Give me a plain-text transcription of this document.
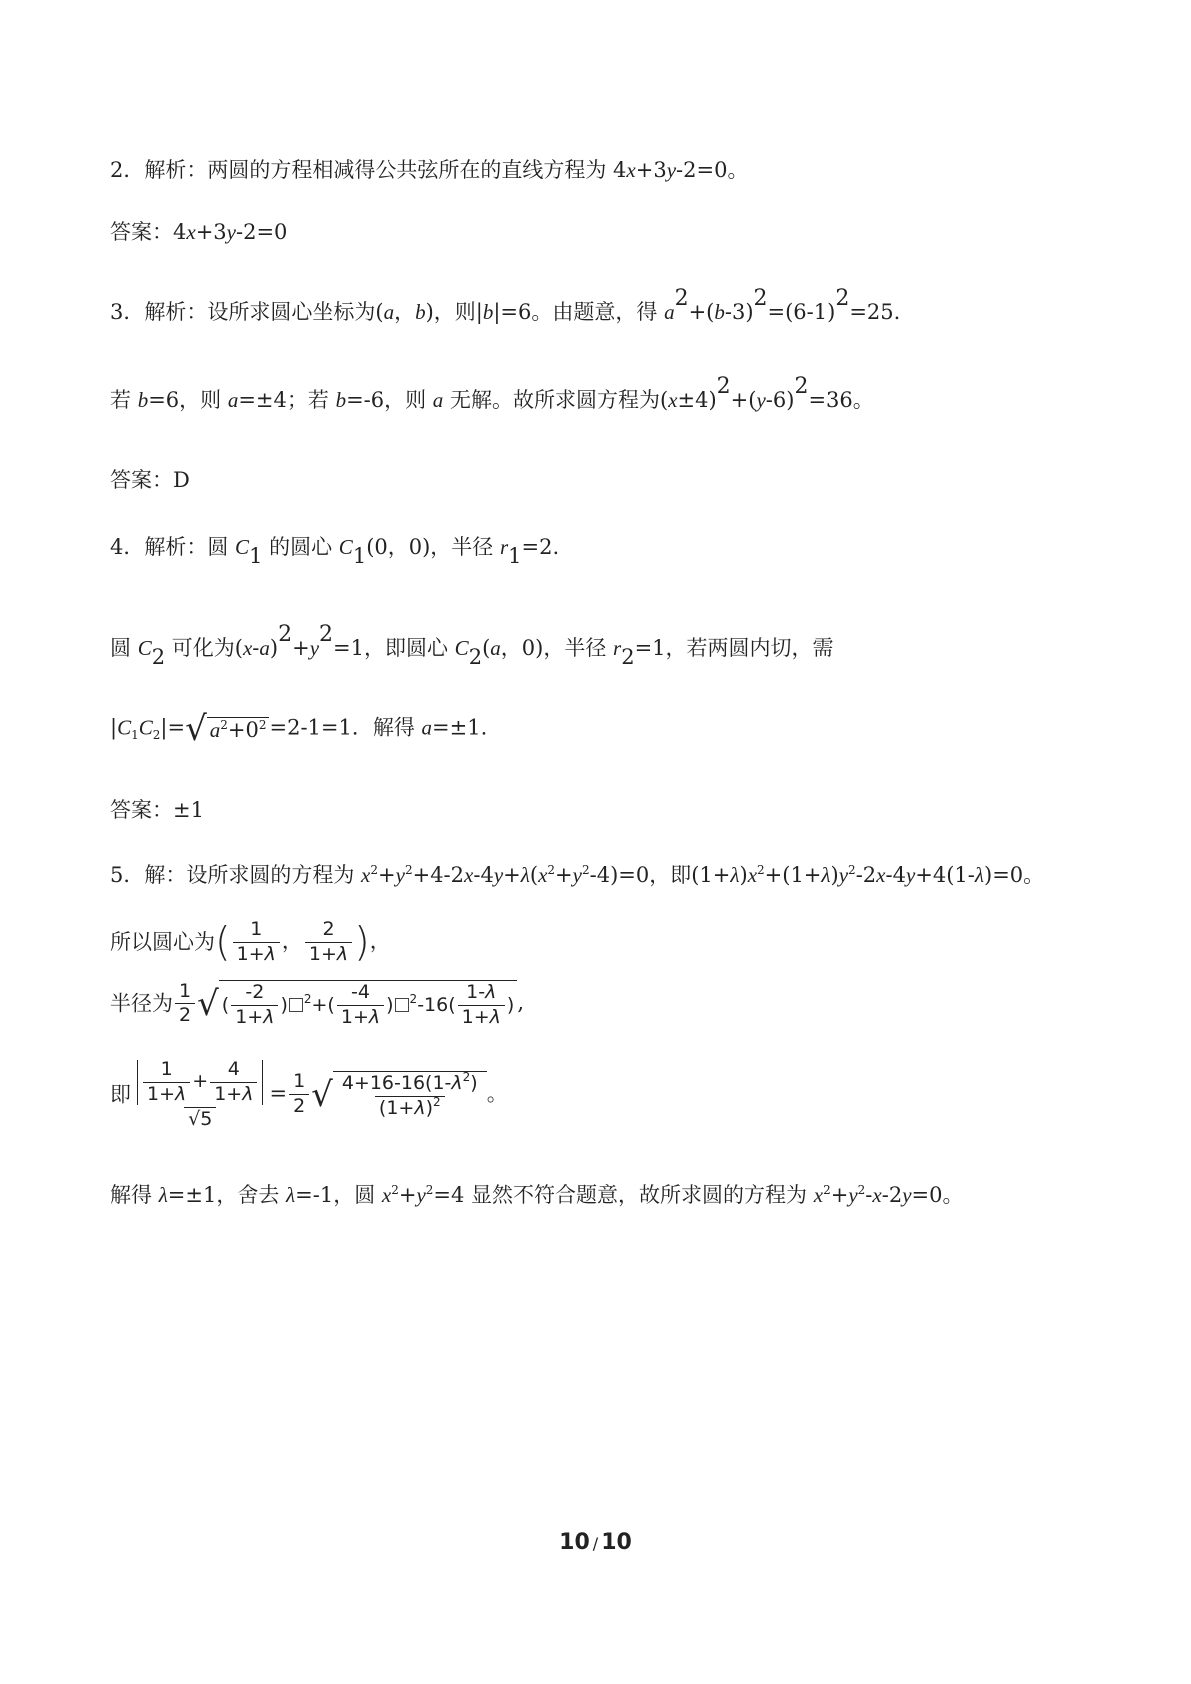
2．解析：两圆的方程相减得公共弦所在的直线方程为 4x+3y-2=0。
答案：4x+3y-2=0
3．解析：设所求圆心坐标为(a，b)，则|b|=6。由题意，得 a2+(b-3)2=(6-1)2=25.
若 b=6，则 a=±4；若 b=-6，则 a 无解。故所求圆方程为(x±4)2+(y-6)2=36。
答案：D
4．解析：圆 C1 的圆心 C1(0，0)，半径 r1=2.
圆 C2 可化为(x-a)2+y2=1，即圆心 C2(a，0)，半径 r2=1，若两圆内切，需
|C1C2|=√ $a^2+0^2 =2-1=1$．解得 a=±1.
答案：±1
5．解：设所求圆的方程为 $x^2+y^2+4-2x-4y+\lambda(x^2+y^2-4)=0$，即$(1+\lambda)x^2+(1+\lambda)y^2-2x-4y+4(1-\lambda)=0$。
所以圆心为( $\frac{1}{1+\lambda}$ ， $\frac{2}{1+\lambda}$ )，
半径为 $\frac{1}{2}$ √ ( $\frac{-2}{1+\lambda}$ ) $^2+( \frac{-4}{1+\lambda}$ ) $^2-16( \frac{1-\lambda}{1+\lambda}$ ) ,
即 $\frac{\frac{1}{1+\lambda} + \frac{4}{1+\lambda}}{√5} = \frac{1}{2}$ √ $\frac{4+16-16(1-\lambda^2)}{(1+\lambda)^2}$ 。
解得 λ=±1，舍去 λ=-1，圆 $x^2+y^2=4$ 显然不符合题意，故所求圆的方程为 $x^2+y^2-x-2y=0$。
10 / 10
